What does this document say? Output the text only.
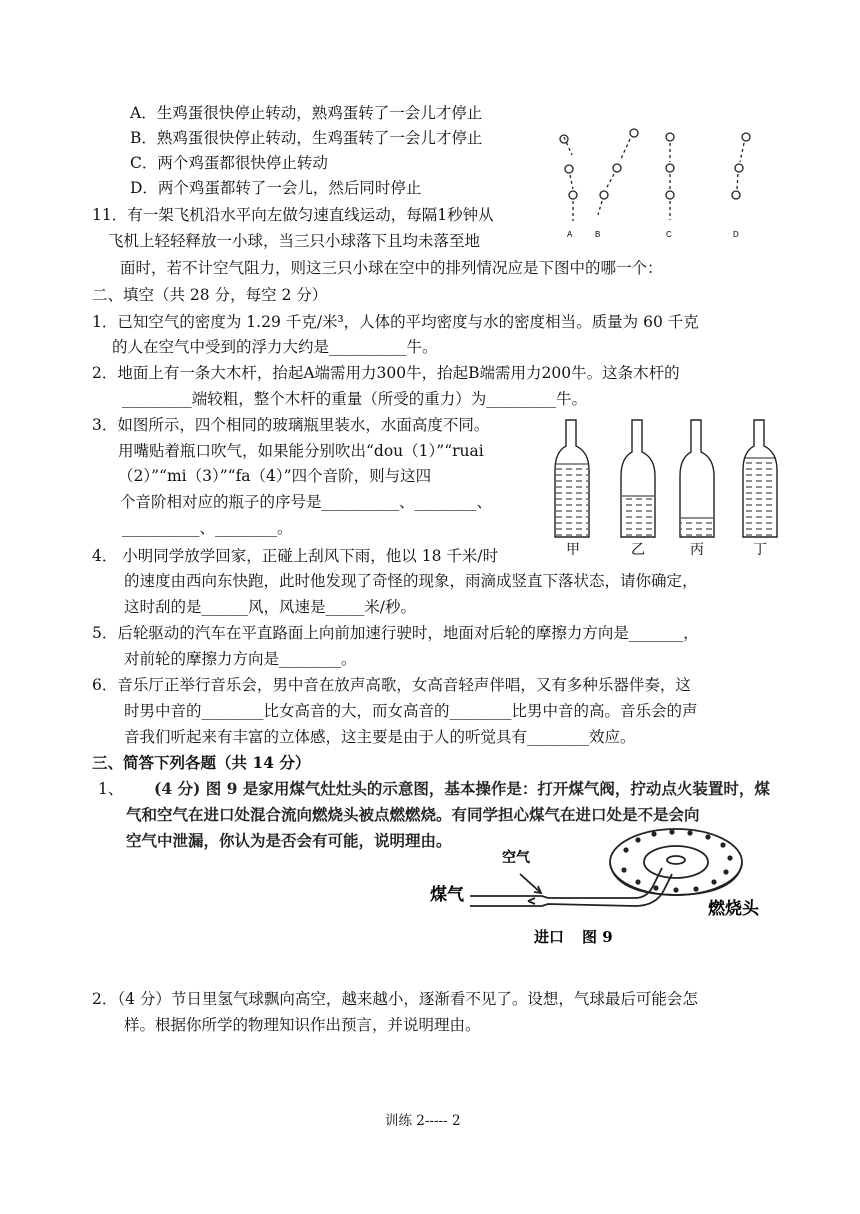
A．生鸡蛋很快停止转动，熟鸡蛋转了一会儿才停止
B．熟鸡蛋很快停止转动，生鸡蛋转了一会儿才停止
C．两个鸡蛋都很快停止转动
D．两个鸡蛋都转了一会儿，然后同时停止
11．有一架飞机沿水平向左做匀速直线运动，每隔1秒钟从
飞机上轻轻释放一小球，当三只小球落下且均未落至地
面时，若不计空气阻力，则这三只小球在空中的排列情况应是下图中的哪一个：
A	B	C	D
二、填空（共 28 分，每空 2 分）
1．已知空气的密度为 1.29 千克/米³，人体的平均密度与水的密度相当。质量为 60 千克
的人在空气中受到的浮力大约是__________牛。
2．地面上有一条大木杆，抬起A端需用力300牛，抬起B端需用力200牛。这条木杆的
_________端较粗，整个木杆的重量（所受的重力）为_________牛。
3．如图所示，四个相同的玻璃瓶里装水，水面高度不同。
用嘴贴着瓶口吹气，如果能分别吹出“dou（1）”“ruai
（2）”“mi（3）”“fa（4）”四个音阶，则与这四
个音阶相对应的瓶子的序号是__________、________、
__________、________。
甲	乙	丙	丁
4． 小明同学放学回家，正碰上刮风下雨，他以 18 千米/时
的速度由西向东快跑，此时他发现了奇怪的现象，雨滴成竖直下落状态，请你确定，
这时刮的是______风，风速是_____米/秒。
5．后轮驱动的汽车在平直路面上向前加速行驶时，地面对后轮的摩擦力方向是_______，
对前轮的摩擦力方向是________。
6．音乐厅正举行音乐会，男中音在放声高歌，女高音轻声伴唱，又有多种乐器伴奏，这
时男中音的________比女高音的大，而女高音的________比男中音的高。音乐会的声
音我们听起来有丰富的立体感，这主要是由于人的听觉具有________效应。
三、简答下列各题（共 14 分）
1、 (4 分) 图 9 是家用煤气灶灶头的示意图，基本操作是：打开煤气阀，拧动点火装置时，煤
气和空气在进口处混合流向燃烧头被点燃燃烧。有同学担心煤气在进口处是不是会向
空气中泄漏，你认为是否会有可能，说明理由。
煤气
空气
燃烧头
进口 图 9
2．（4 分）节日里氢气球飘向高空，越来越小，逐渐看不见了。设想，气球最后可能会怎
样。根据你所学的物理知识作出预言，并说明理由。
训练 2----- 2
